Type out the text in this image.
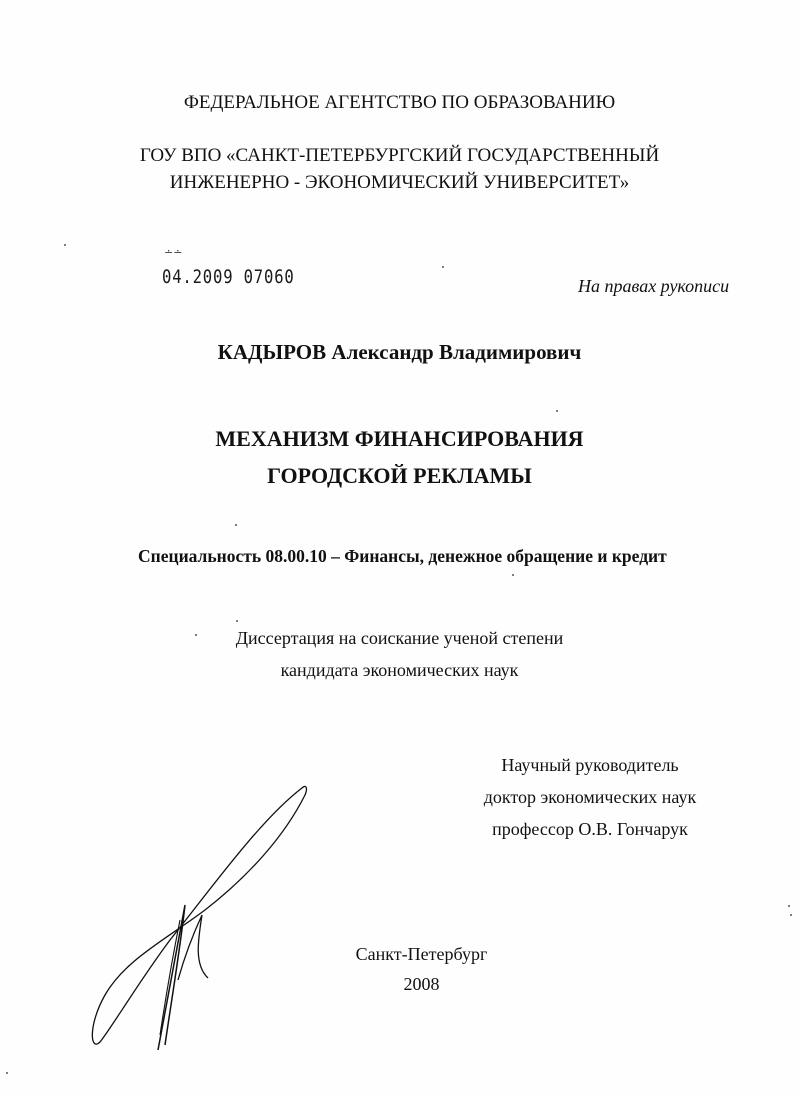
ФЕДЕРАЛЬНОЕ АГЕНТСТВО ПО ОБРАЗОВАНИЮ
ГОУ ВПО «САНКТ-ПЕТЕРБУРГСКИЙ ГОСУДАРСТВЕННЫЙ
ИНЖЕНЕРНО - ЭКОНОМИЧЕСКИЙ УНИВЕРСИТЕТ»
∸∸
04.2009 07060	На правах рукописи
КАДЫРОВ Александр Владимирович
МЕХАНИЗМ ФИНАНСИРОВАНИЯ
ГОРОДСКОЙ РЕКЛАМЫ
Специальность 08.00.10 – Финансы, денежное обращение и кредит
Диссертация на соискание ученой степени
кандидата экономических наук
Научный руководитель
доктор экономических наук
профессор О.В. Гончарук
Санкт-Петербург
2008
